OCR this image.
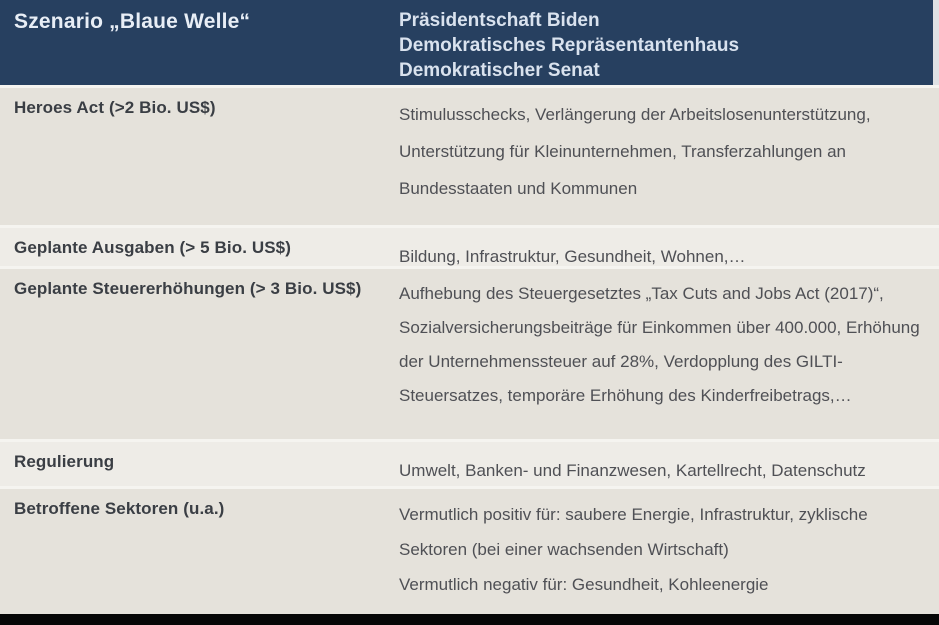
Szenario „Blaue Welle“	Präsidentschaft Biden
Demokratisches Repräsentantenhaus
Demokratischer Senat
Heroes Act (>2 Bio. US$)	Stimulusschecks, Verlängerung der Arbeitslosenunterstützung, Unterstützung für Kleinunternehmen, Transferzahlungen an Bundesstaaten und Kommunen

Geplante Ausgaben (> 5 Bio. US$)	Bildung, Infrastruktur, Gesundheit, Wohnen,…

Geplante Steuererhöhungen (> 3 Bio. US$)	Aufhebung des Steuergesetztes „Tax Cuts and Jobs Act (2017)“, Sozialversicherungsbeiträge für Einkommen über 400.000, Erhöhung der Unternehmenssteuer auf 28%, Verdopplung des GILTI-Steuersatzes, temporäre Erhöhung des Kinderfreibetrags,…

Regulierung	Umwelt, Banken- und Finanzwesen, Kartellrecht, Datenschutz

Betroffene Sektoren (u.a.)	Vermutlich positiv für: saubere Energie, Infrastruktur, zyklische Sektoren (bei einer wachsenden Wirtschaft)

Vermutlich negativ für: Gesundheit, Kohleenergie
